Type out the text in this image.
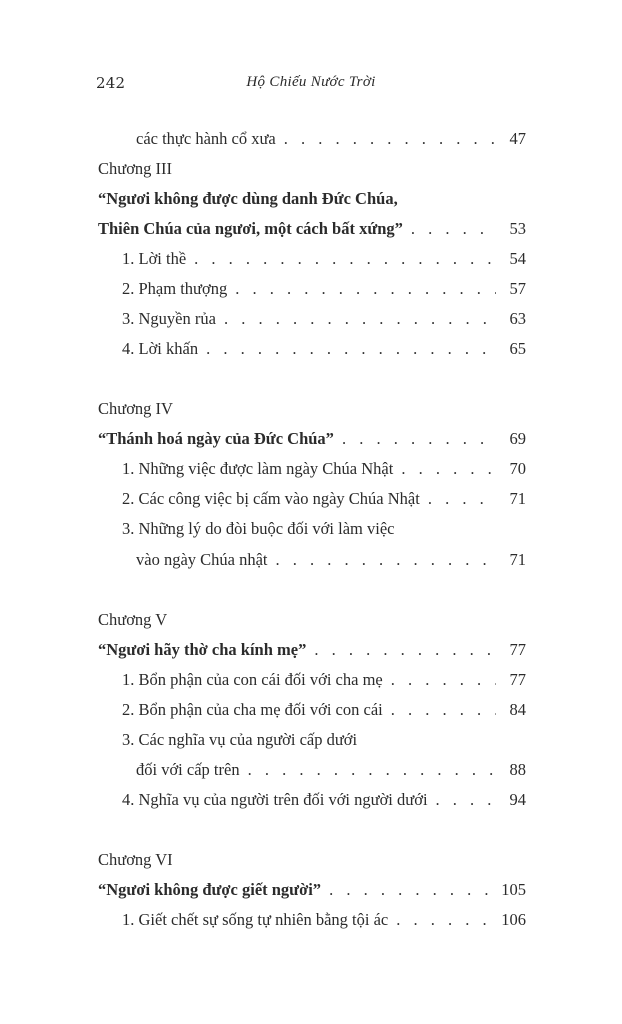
242	Hộ Chiếu Nước Trời
các thực hành cổ xưa . . .	47
Chương III
“Ngươi không được dùng danh Đức Chúa,
Thiên Chúa của ngươi, một cách bất xứng” . . .	53
1. Lời thề . . .	54
2. Phạm thượng . . .	57
3. Nguyền rủa . . .	63
4. Lời khấn . . .	65
Chương IV
“Thánh hoá ngày của Đức Chúa” . . .	69
1. Những việc được làm ngày Chúa Nhật . . .	70
2. Các công việc bị cấm vào ngày Chúa Nhật . . .	71
3. Những lý do đòi buộc đối với làm việc
vào ngày Chúa nhật . . .	71
Chương V
“Ngươi hãy thờ cha kính mẹ” . . .	77
1. Bổn phận của con cái đối với cha mẹ . . .	77
2. Bổn phận của cha mẹ đối với con cái . . .	84
3. Các nghĩa vụ của người cấp dưới
đối với cấp trên . . .	88
4. Nghĩa vụ của người trên đối với người dưới . . .	94
Chương VI
“Ngươi không được giết người” . . .	105
1. Giết chết sự sống tự nhiên bằng tội ác . . .	106
